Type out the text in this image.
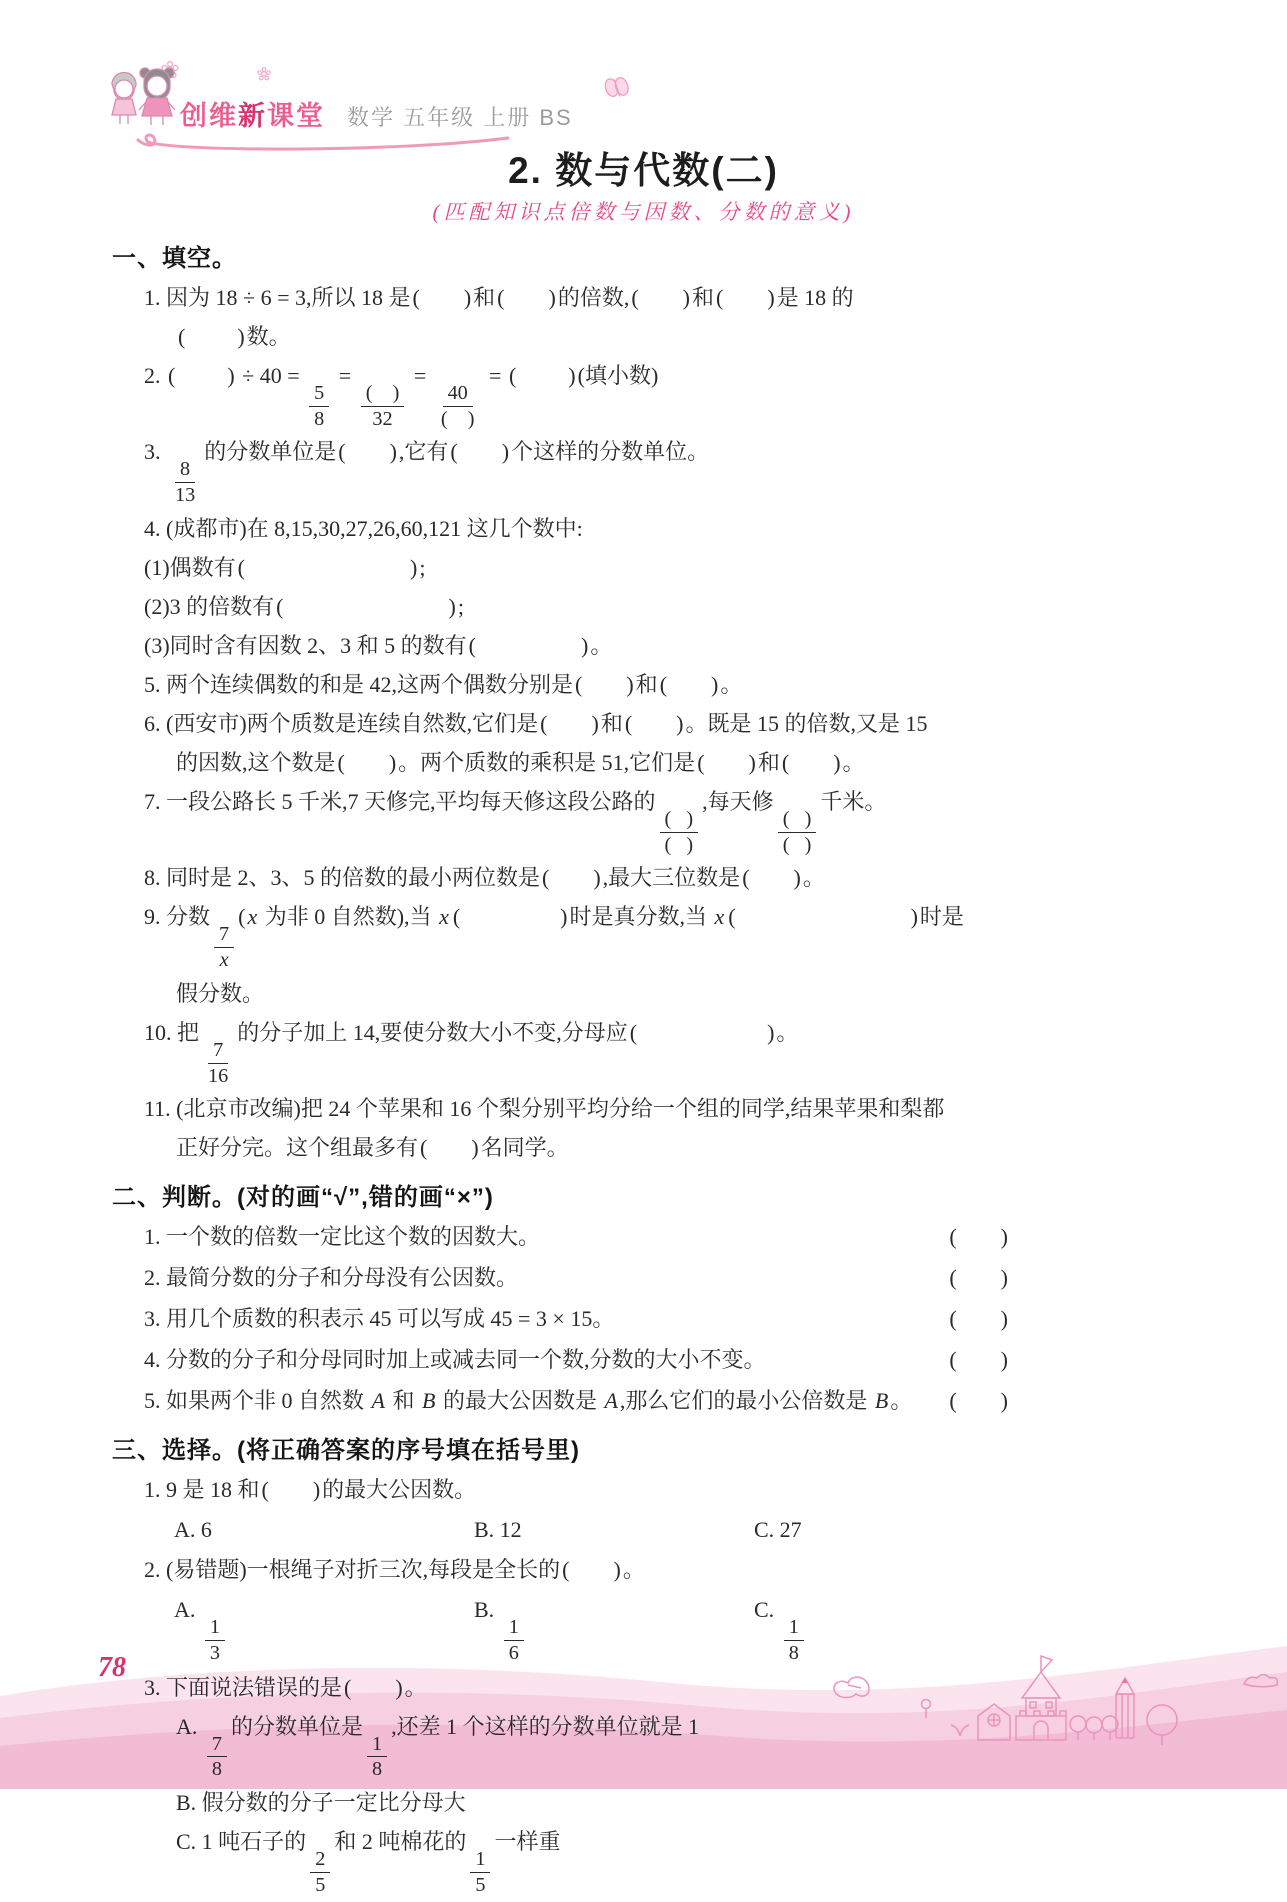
创维新课堂 数学 五年级 上册 BS
2. 数与代数(二)
(匹配知识点倍数与因数、分数的意义)
一、填空。
1. 因为 18 ÷ 6 = 3,所以 18 是( )和( )的倍数,( )和( )是 18 的
( )数。
2. ( ) ÷ 40 =
$\frac{5}{8}$
=
$\frac{( )}{32}$
=
$\frac{40}{( )}$
= ( )(填小数)
3.
$\frac{8}{13}$
的分数单位是( ),它有( )个这样的分数单位。
4. (成都市)在 8,15,30,27,26,60,121 这几个数中:
(1)偶数有(	);
(2)3 的倍数有(	);
(3)同时含有因数 2、3 和 5 的数有(	)。
5. 两个连续偶数的和是 42,这两个偶数分别是( )和( )。
6. (西安市)两个质数是连续自然数,它们是( )和( )。既是 15 的倍数,又是 15
的因数,这个数是( )。两个质数的乘积是 51,它们是( )和( )。
7. 一段公路长 5 千米,7 天修完,平均每天修这段公路的
$\frac{( )}{( )}$
,每天修
$\frac{( )}{( )}$
千米。
8. 同时是 2、3、5 的倍数的最小两位数是( ),最大三位数是( )。
9. 分数
$\frac{7}{x}$
(x 为非 0 自然数),当 x (	)时是真分数,当 x (	)时是
假分数。
10. 把
$\frac{7}{16}$
的分子加上 14,要使分数大小不变,分母应(	)。
11. (北京市改编)把 24 个苹果和 16 个梨分别平均分给一个组的同学,结果苹果和梨都
正好分完。这个组最多有( )名同学。
二、判断。(对的画“√”,错的画“×”)
1. 一个数的倍数一定比这个数的因数大。	( )
2. 最简分数的分子和分母没有公因数。	( )
3. 用几个质数的积表示 45 可以写成 45 = 3 × 15。	( )
4. 分数的分子和分母同时加上或减去同一个数,分数的大小不变。	( )
5. 如果两个非 0 自然数 A 和 B 的最大公因数是 A,那么它们的最小公倍数是 B。 ( )
三、选择。(将正确答案的序号填在括号里)
1. 9 是 18 和( )的最大公因数。
A. 6	B. 12	C. 27
2. (易错题)一根绳子对折三次,每段是全长的( )。
A.
$\frac{1}{3}$
B.
$\frac{1}{6}$
C.
$\frac{1}{8}$
3. 下面说法错误的是( )。
A.
$\frac{7}{8}$
的分数单位是
$\frac{1}{8}$
,还差 1 个这样的分数单位就是 1
B. 假分数的分子一定比分母大
C. 1 吨石子的
$\frac{2}{5}$
和 2 吨棉花的
$\frac{1}{5}$
一样重
78
